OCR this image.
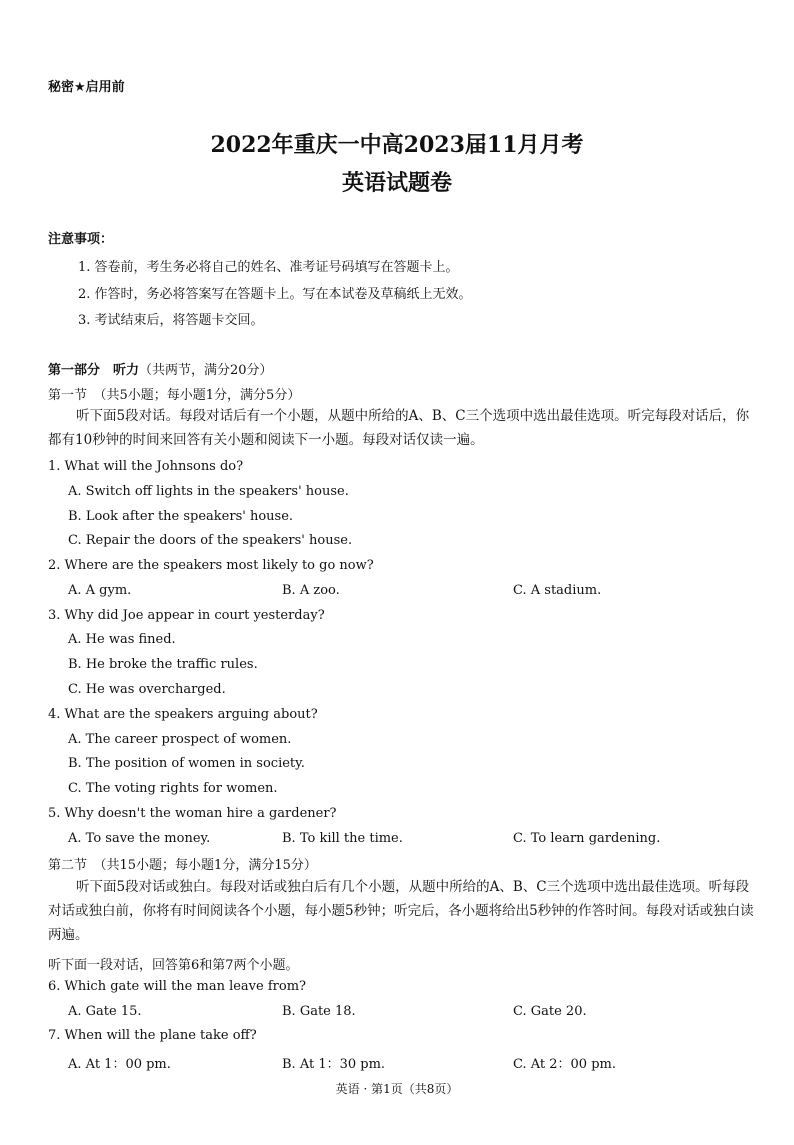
秘密★启用前
2022年重庆一中高2023届11月月考
英语试题卷
注意事项：
1. 答卷前，考生务必将自己的姓名、准考证号码填写在答题卡上。
2. 作答时，务必将答案写在答题卡上。写在本试卷及草稿纸上无效。
3. 考试结束后，将答题卡交回。
第一部分　听力（共两节，满分20分）
第一节　（共5小题；每小题1分，满分5分）
听下面5段对话。每段对话后有一个小题，从题中所给的A、B、C三个选项中选出最佳选项。听完每段对话后，你都有10秒钟的时间来回答有关小题和阅读下一小题。每段对话仅读一遍。
1. What will the Johnsons do?
A. Switch off lights in the speakers' house.
B. Look after the speakers' house.
C. Repair the doors of the speakers' house.
2. Where are the speakers most likely to go now?
A. A gym.	B. A zoo.	C. A stadium.
3. Why did Joe appear in court yesterday?
A. He was fined.
B. He broke the traffic rules.
C. He was overcharged.
4. What are the speakers arguing about?
A. The career prospect of women.
B. The position of women in society.
C. The voting rights for women.
5. Why doesn't the woman hire a gardener?
A. To save the money.	B. To kill the time.	C. To learn gardening.
第二节　（共15小题；每小题1分，满分15分）
听下面5段对话或独白。每段对话或独白后有几个小题，从题中所给的A、B、C三个选项中选出最佳选项。听每段对话或独白前，你将有时间阅读各个小题，每小题5秒钟；听完后，各小题将给出5秒钟的作答时间。每段对话或独白读两遍。
听下面一段对话，回答第6和第7两个小题。
6. Which gate will the man leave from?
A. Gate 15.	B. Gate 18.	C. Gate 20.
7. When will the plane take off?
A. At 1：00 pm.	B. At 1：30 pm.	C. At 2：00 pm.
英语 · 第1页（共8页）
